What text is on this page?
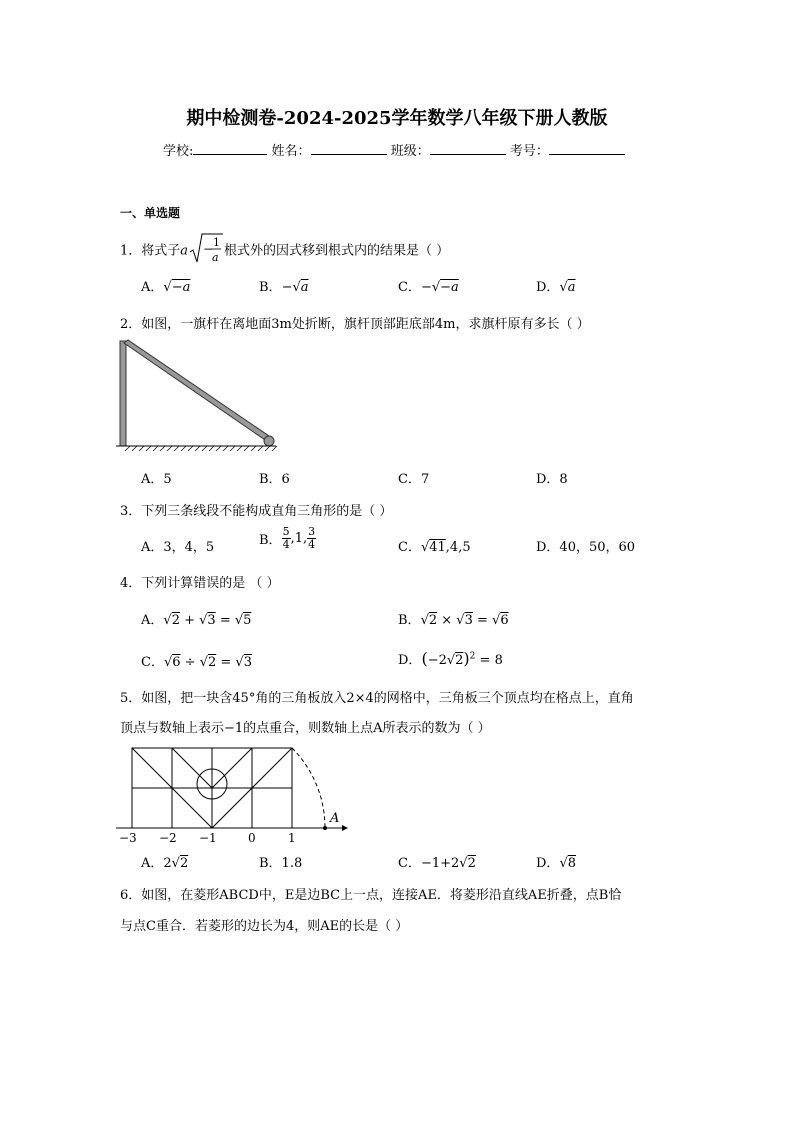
期中检测卷-2024-2025学年数学八年级下册人教版
学校:	姓名：	班级：	考号：
一、单选题
1．将式子a − 1
a 根式外的因式移到根式内的结果是（ ）
A．√−a	B．−√a	C．−√−a	D．√a
2．如图，一旗杆在离地面3m处折断，旗杆顶部距底部4m，求旗杆原有多长（ ）
A．5	B．6	C．7	D．8
3．下列三条线段不能构成直角三角形的是（ ）
A．3，4，5	B． $\frac{5}{4} ,1$, $\frac{3}{4}$	C．√41,4,5	D．40，50，60
4．下列计算错误的是 （ ）
A．√2 + √3 = √5	B．√2 × √3 = √6
C．√6 ÷ √2 = √3	D．$(-2√2)^2 = 8$
5．如图，把一块含45°角的三角板放入2×4的网格中，三角板三个顶点均在格点上，直角
顶点与数轴上表示−1的点重合，则数轴上点A所表示的数为（ ）
A
−3 −2 −1	0	1
A．2√2	B．1.8	C．−1+2√2	D．√8
6．如图，在菱形ABCD中，E是边BC上一点，连接AE．将菱形沿直线AE折叠，点B恰
与点C重合．若菱形的边长为4，则AE的长是（ ）
